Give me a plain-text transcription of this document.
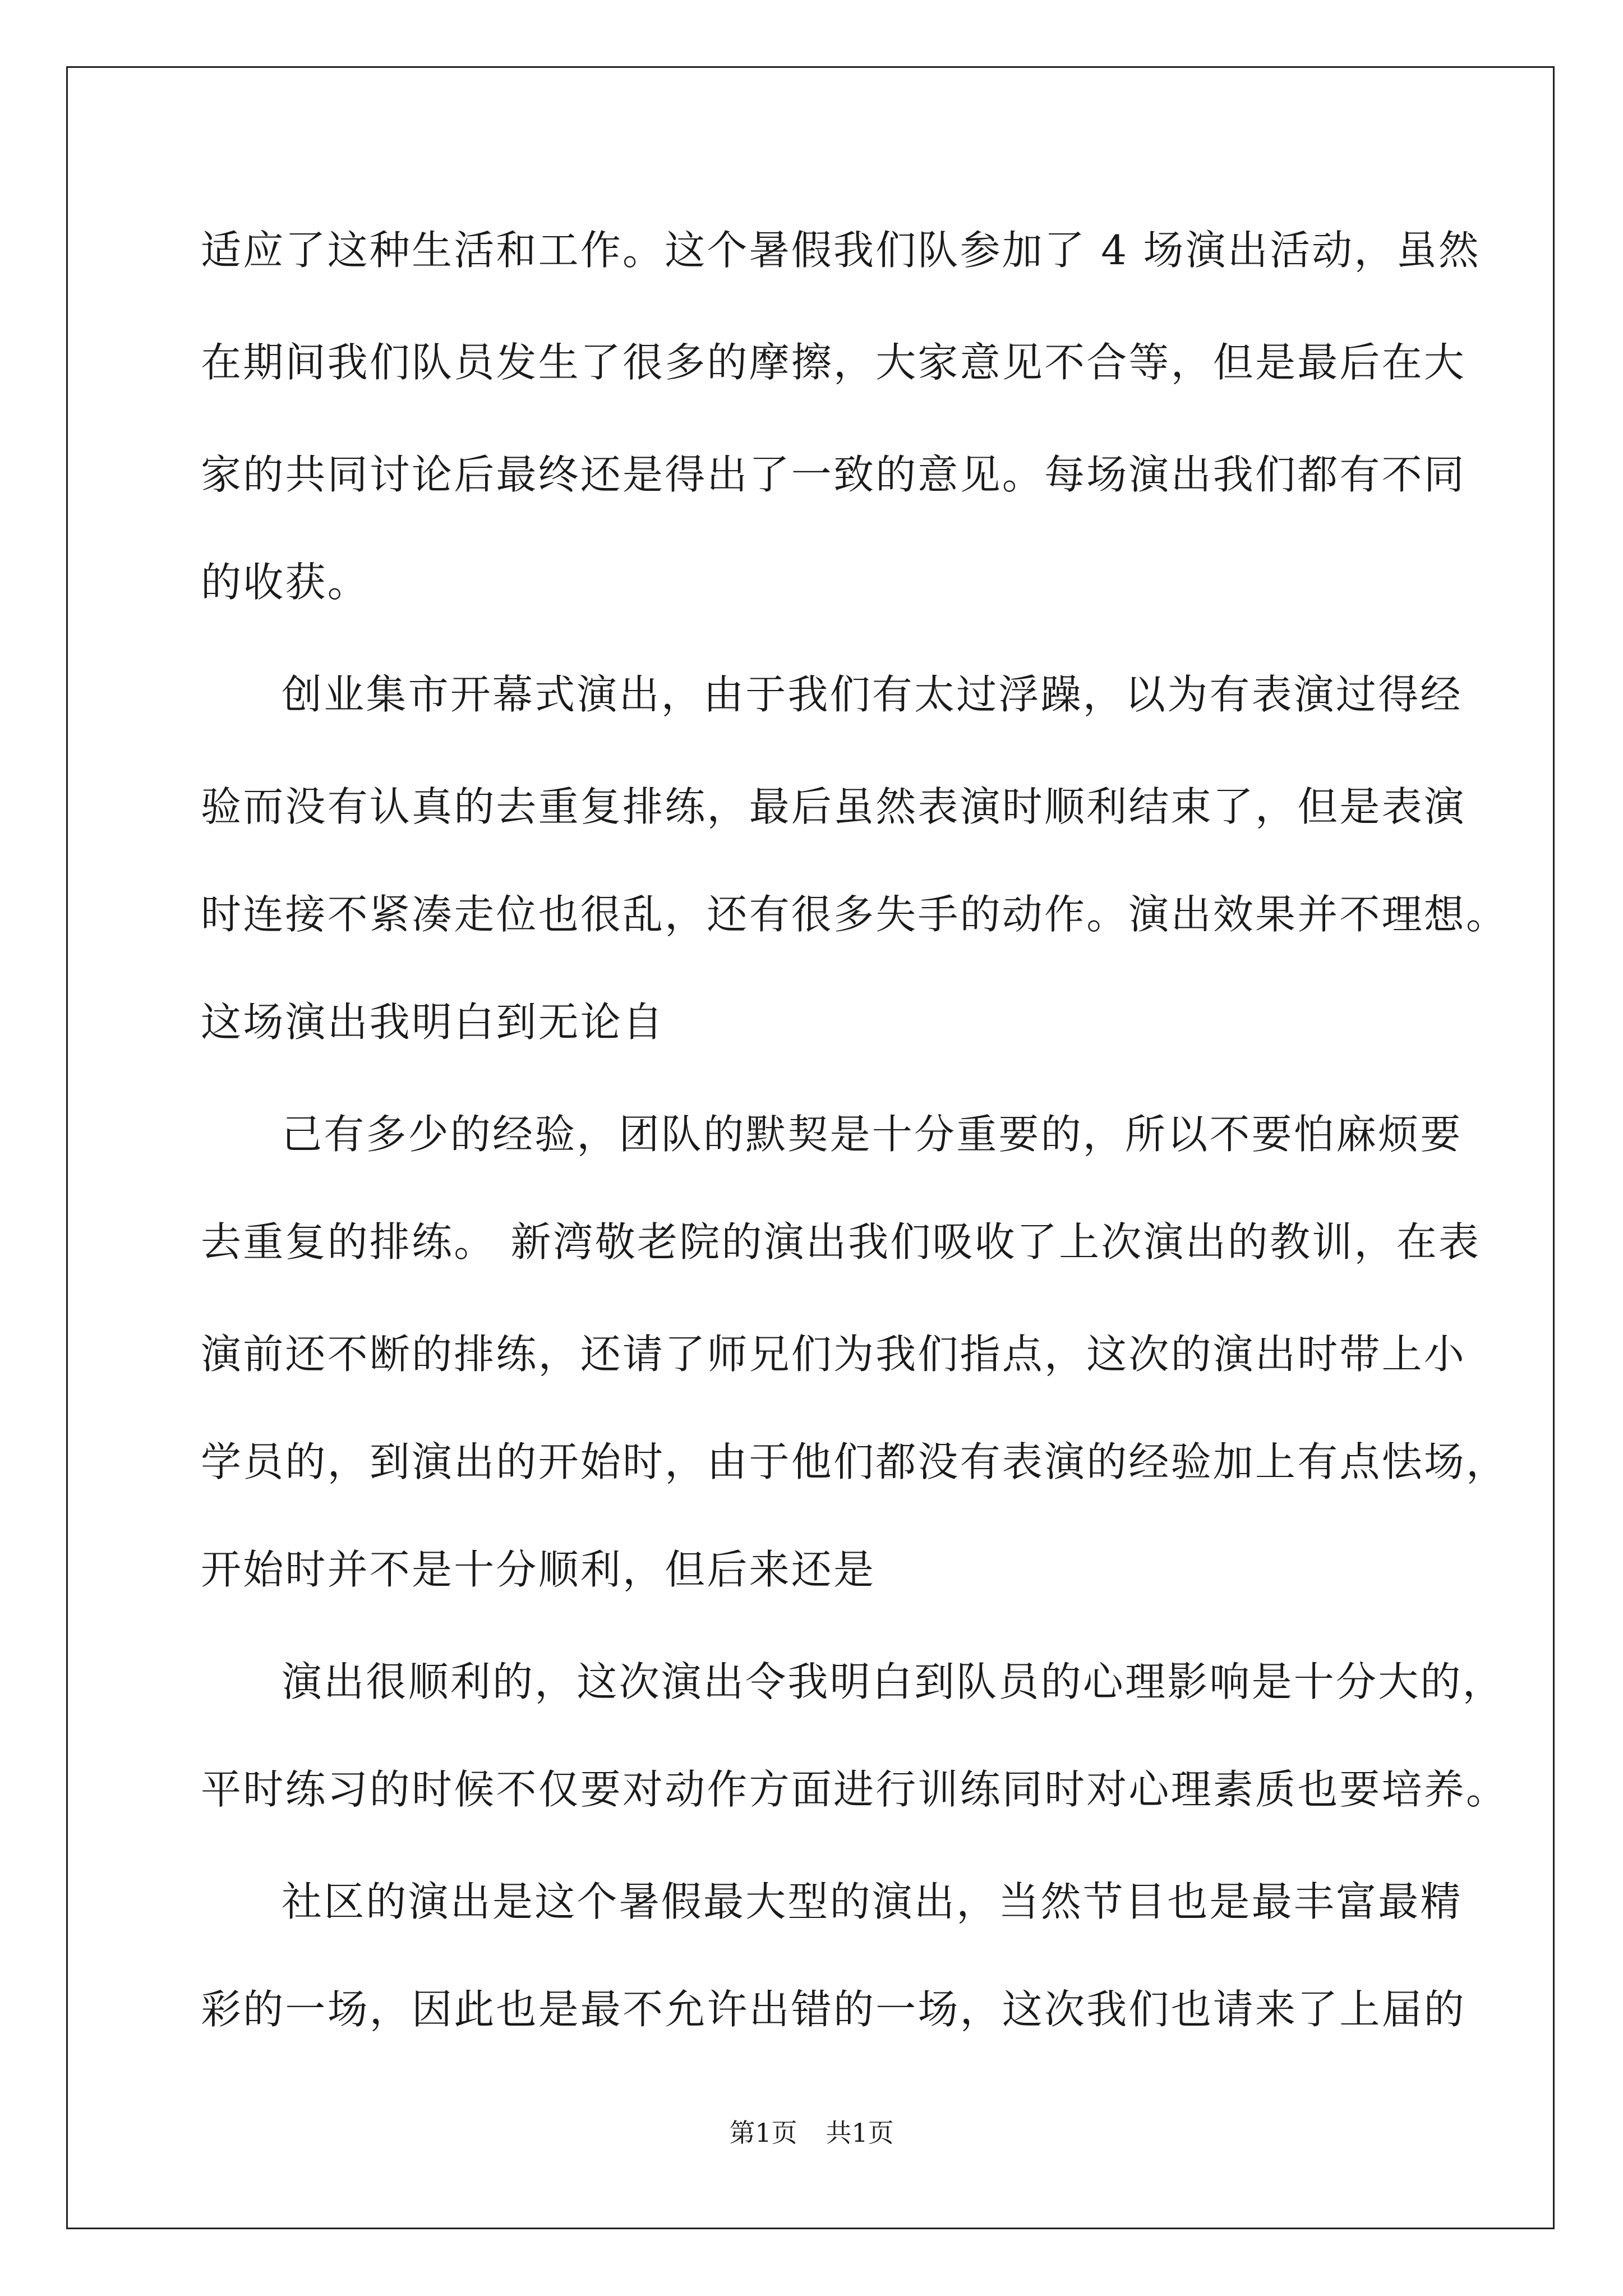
适应了这种生活和工作。这个暑假我们队参加了 4 场演出活动，虽然
在期间我们队员发生了很多的摩擦，大家意见不合等，但是最后在大
家的共同讨论后最终还是得出了一致的意见。每场演出我们都有不同
的收获。
创业集市开幕式演出，由于我们有太过浮躁，以为有表演过得经
验而没有认真的去重复排练，最后虽然表演时顺利结束了，但是表演
时连接不紧凑走位也很乱，还有很多失手的动作。演出效果并不理想。
这场演出我明白到无论自
己有多少的经验，团队的默契是十分重要的，所以不要怕麻烦要
去重复的排练。 新湾敬老院的演出我们吸收了上次演出的教训，在表
演前还不断的排练，还请了师兄们为我们指点，这次的演出时带上小
学员的，到演出的开始时，由于他们都没有表演的经验加上有点怯场，
开始时并不是十分顺利，但后来还是
演出很顺利的，这次演出令我明白到队员的心理影响是十分大的，
平时练习的时候不仅要对动作方面进行训练同时对心理素质也要培养。
社区的演出是这个暑假最大型的演出，当然节目也是最丰富最精
彩的一场，因此也是最不允许出错的一场，这次我们也请来了上届的
第1页 共1页
